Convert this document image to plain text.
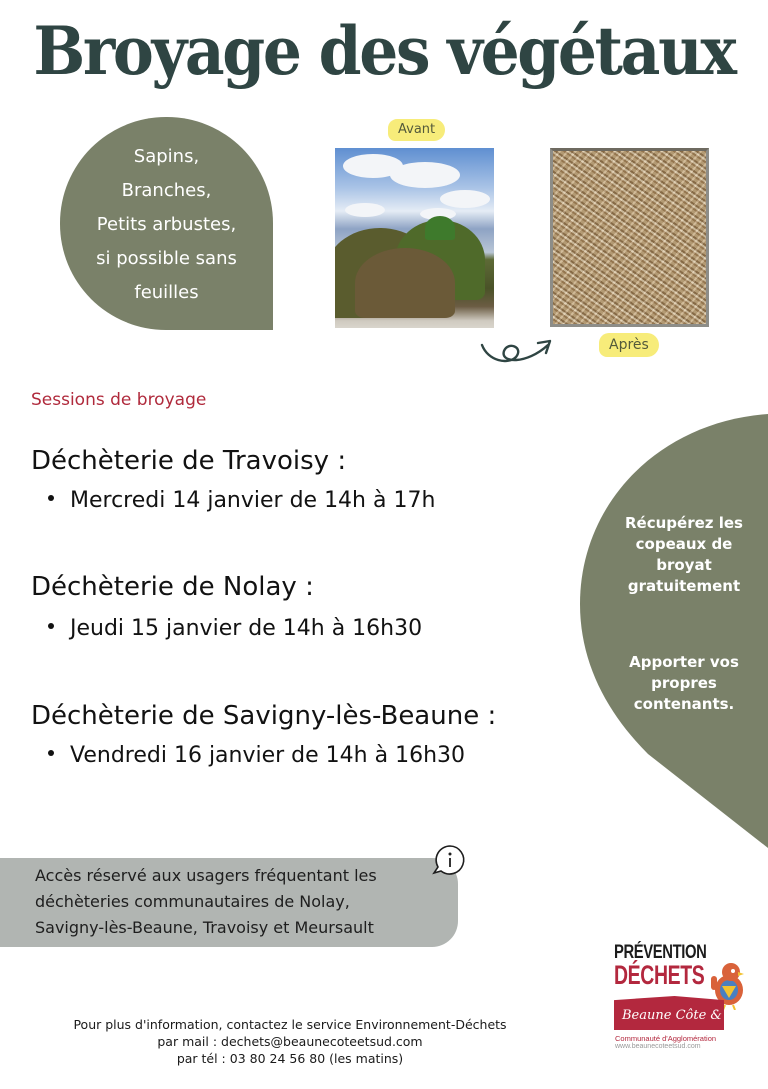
Broyage des végétaux
Sapins,
Branches,
Petits arbustes,
si possible sans
feuilles
Avant
Après
Sessions de broyage
Déchèterie de Travoisy :
Mercredi 14 janvier de 14h à 17h
Déchèterie de Nolay :
Jeudi 15 janvier de 14h à 16h30
Déchèterie de Savigny-lès-Beaune :
Vendredi 16 janvier de 14h à 16h30
Récupérez les
copeaux de
broyat
gratuitement
Apporter vos
propres
contenants.
Accès réservé aux usagers fréquentant les
déchèteries communautaires de Nolay,
Savigny-lès-Beaune, Travoisy et Meursault
Pour plus d'information, contactez le service Environnement-Déchets
par mail : dechets@beaunecoteetsud.com
par tél : 03 80 24 56 80 (les matins)
PRÉVENTION
DÉCHETS
Beaune Côte & Sud
Communauté d'Agglomération
www.beaunecoteetsud.com
